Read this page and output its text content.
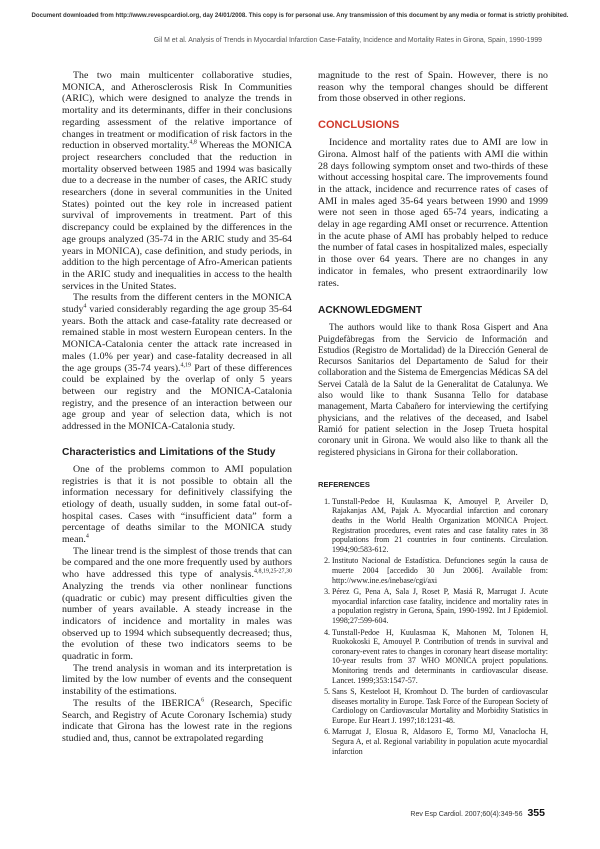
Document downloaded from http://www.revespcardiol.org, day 24/01/2008. This copy is for personal use. Any transmission of this document by any media or format is strictly prohibited.
Gil M et al. Analysis of Trends in Myocardial Infarction Case-Fatality, Incidence and Mortality Rates in Girona, Spain, 1990-1999

The two main multicenter collaborative studies, MONICA, and Atherosclerosis Risk In Communities (ARIC), which were designed to analyze the trends in mortality and its determinants, differ in their conclusions regarding assessment of the relative importance of changes in treatment or modification of risk factors in the reduction in observed mortality.$^{4,8}$ Whereas the MONICA project researchers concluded that the reduction in mortality observed between 1985 and 1994 was basically due to a decrease in the number of cases, the ARIC study researchers (done in several communities in the United States) pointed out the key role in increased patient survival of improvements in treatment. Part of this discrepancy could be explained by the differences in the age groups analyzed (35-74 in the ARIC study and 35-64 years in MONICA), case definition, and study periods, in addition to the high percentage of Afro-American patients in the ARIC study and inequalities in access to the health services in the United States.

The results from the different centers in the MONICA study$^4$ varied considerably regarding the age group 35-64 years. Both the attack and case-fatality rate decreased or remained stable in most western European centers. In the MONICA-Catalonia center the attack rate increased in males (1.0% per year) and case-fatality decreased in all the age groups (35-74 years).$^{4,19}$ Part of these differences could be explained by the overlap of only 5 years between our registry and the MONICA-Catalonia registry, and the presence of an interaction between our age group and year of selection data, which is not addressed in the MONICA-Catalonia study.

Characteristics and Limitations of the Study

One of the problems common to AMI population registries is that it is not possible to obtain all the information necessary for definitively classifying the etiology of death, usually sudden, in some fatal out-of-hospital cases. Cases with “insufficient data” form a percentage of deaths similar to the MONICA study mean.$^4$

The linear trend is the simplest of those trends that can be compared and the one more frequently used by authors who have addressed this type of analysis.$^{4,8,19,25-27,30}$ Analyzing the trends via other nonlinear functions (quadratic or cubic) may present difficulties given the number of years available. A steady increase in the indicators of incidence and mortality in males was observed up to 1994 which subsequently decreased; thus, the evolution of these two indicators seems to be quadratic in form.

The trend analysis in woman and its interpretation is limited by the low number of events and the consequent instability of the estimations.

The results of the IBERICA$^6$ (Research, Specific Search, and Registry of Acute Coronary Ischemia) study indicate that Girona has the lowest rate in the regions studied and, thus, cannot be extrapolated regarding

magnitude to the rest of Spain. However, there is no reason why the temporal changes should be different from those observed in other regions.

CONCLUSIONS

Incidence and mortality rates due to AMI are low in Girona. Almost half of the patients with AMI die within 28 days following symptom onset and two-thirds of these without accessing hospital care. The improvements found in the attack, incidence and recurrence rates of cases of AMI in males aged 35-64 years between 1990 and 1999 were not seen in those aged 65-74 years, indicating a delay in age regarding AMI onset or recurrence. Attention in the acute phase of AMI has probably helped to reduce the number of fatal cases in hospitalized males, especially in those over 64 years. There are no changes in any indicator in females, who present extraordinarily low rates.

ACKNOWLEDGMENT

The authors would like to thank Rosa Gispert and Ana Puigdefàbregas from the Servicio de Información and Estudios (Registro de Mortalidad) de la Dirección General de Recursos Sanitarios del Departamento de Salud for their collaboration and the Sistema de Emergencias Médicas SA del Servei Català de la Salut de la Generalitat de Catalunya. We also would like to thank Susanna Tello for database management, Marta Cabañero for interviewing the certifying physicians, and the relatives of the deceased, and Isabel Ramió for patient selection in the Josep Trueta hospital coronary unit in Girona. We would also like to thank all the registered physicians in Girona for their collaboration.

REFERENCES
1. Tunstall-Pedoe H, Kuulasmaa K, Amouyel P, Arveiler D, Rajakanjas AM, Pajak A. Myocardial infarction and coronary deaths in the World Health Organization MONICA Project. Registration procedures, event rates and case fatality rates in 38 populations from 21 countries in four continents. Circulation. 1994;90:583-612.
2. Instituto Nacional de Estadística. Defunciones según la causa de muerte 2004 [accedido 30 Jun 2006]. Available from: http://www.ine.es/inebase/cgi/axi
3. Pérez G, Pena A, Sala J, Roset P, Masiá R, Marrugat J. Acute myocardial infarction case fatality, incidence and mortality rates in a population registry in Gerona, Spain, 1990-1992. Int J Epidemiol. 1998;27:599-604.
4. Tunstall-Pedoe H, Kuulasmaa K, Mahonen M, Tolonen H, Ruokokoski E, Amouyel P. Contribution of trends in survival and coronary-event rates to changes in coronary heart disease mortality: 10-year results from 37 WHO MONICA project populations. Monitoring trends and determinants in cardiovascular disease. Lancet. 1999;353:1547-57.
5. Sans S, Kesteloot H, Kromhout D. The burden of cardiovascular diseases mortality in Europe. Task Force of the European Society of Cardiology on Cardiovascular Mortality and Morbidity Statistics in Europe. Eur Heart J. 1997;18:1231-48.
6. Marrugat J, Elosua R, Aldasoro E, Tormo MJ, Vanaclocha H, Segura A, et al. Regional variability in population acute myocardial infarction
Rev Esp Cardiol. 2007;60(4):349-56 355
